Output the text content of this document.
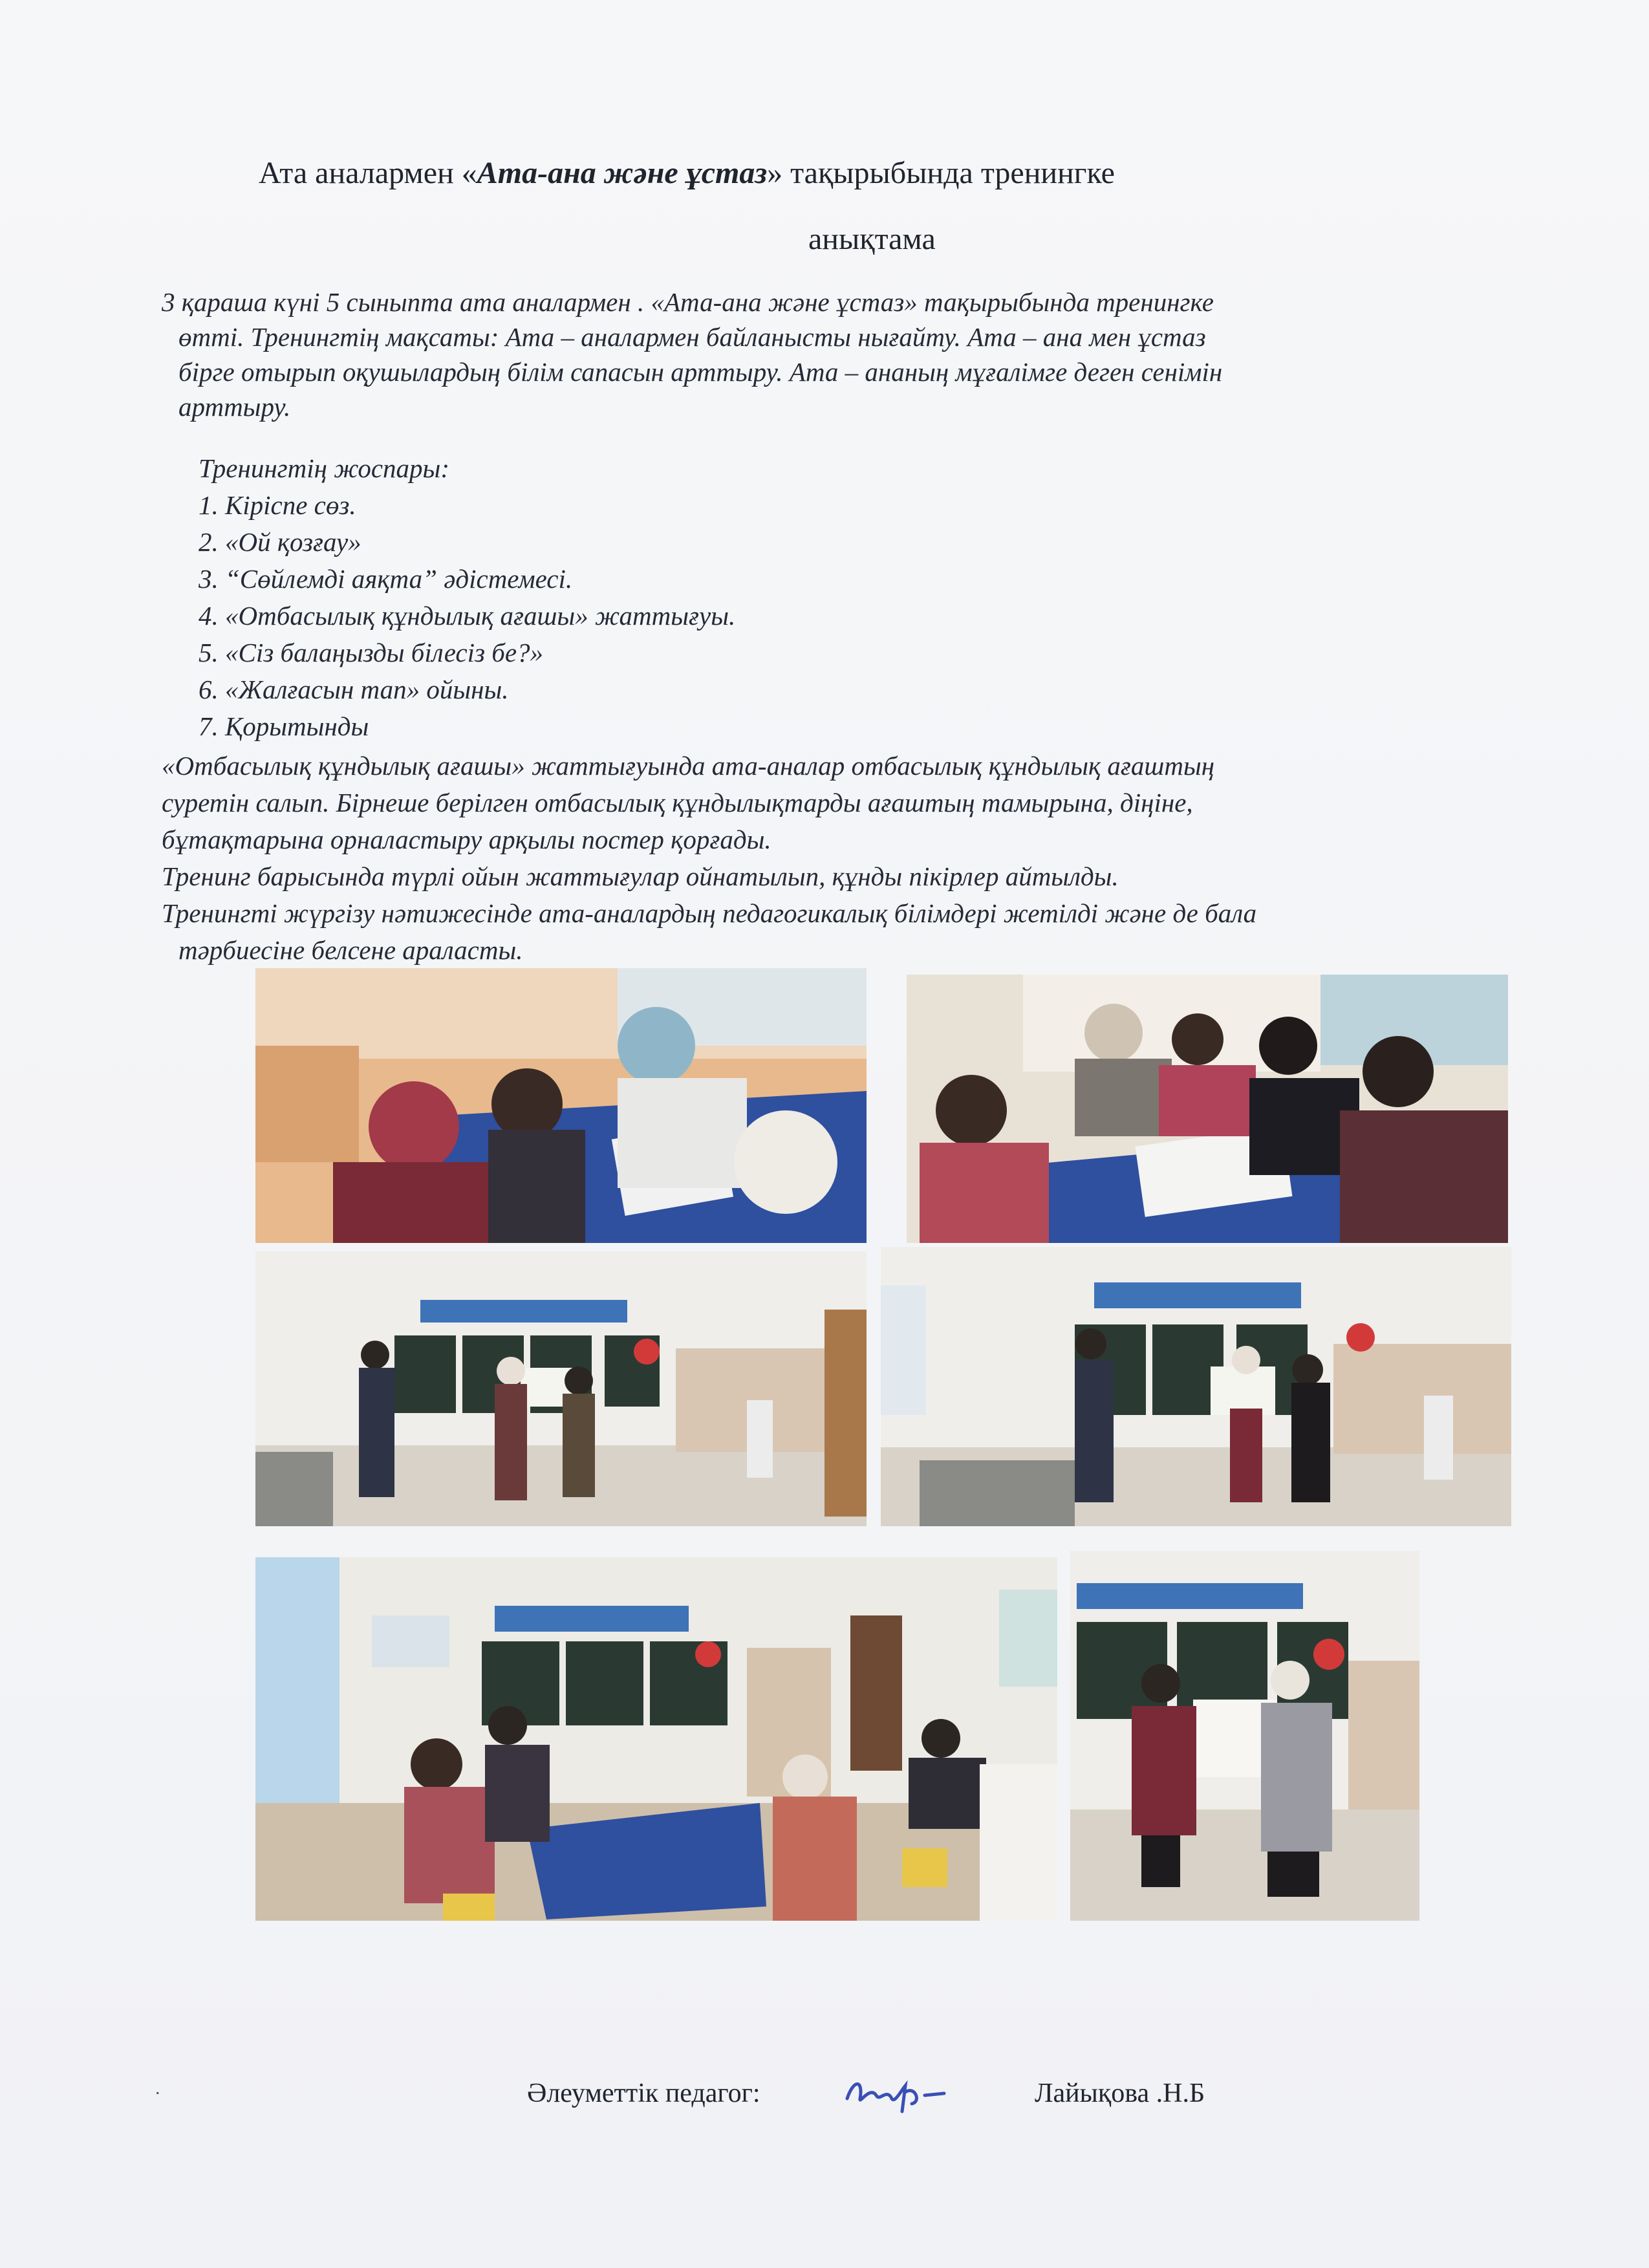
Ата аналармен «Ата-ана және ұстаз» тақырыбында тренингке
анықтама

3 қараша күні 5 сыныпта ата аналармен . «Ата-ана және ұстаз» тақырыбында тренингке

өтті. Тренингтің мақсаты: Ата – аналармен байланысты нығайту. Ата – ана мен ұстаз

бірге отырып оқушылардың білім сапасын арттыру. Ата – ананың мұғалімге деген сенімін

арттыру.

Тренингтің жоспары:

1. Кіріспе сөз.
2. «Ой қозғау»
3. “Сөйлемді аяқта” әдістемесі.
4. «Отбасылық құндылық ағашы» жаттығуы.
5. «Сіз балаңызды білесіз бе?»
6. «Жалғасын тап» ойыны.
7. Қорытынды

«Отбасылық құндылық ағашы» жаттығуында ата-аналар отбасылық құндылық ағаштың

суретін салып. Бірнеше берілген отбасылық құндылықтарды ағаштың тамырына, діңіне,

бұтақтарына орналастыру арқылы постер қорғады.

Тренинг барысында түрлі ойын жаттығулар ойнатылып, құнды пікірлер айтылды.

Тренингті жүргізу нәтижесінде ата-аналардың педагогикалық білімдері жетілді және де бала

тәрбиесіне белсене араласты.

.	Әлеуметтік педагог:	Лайықова .Н.Б
